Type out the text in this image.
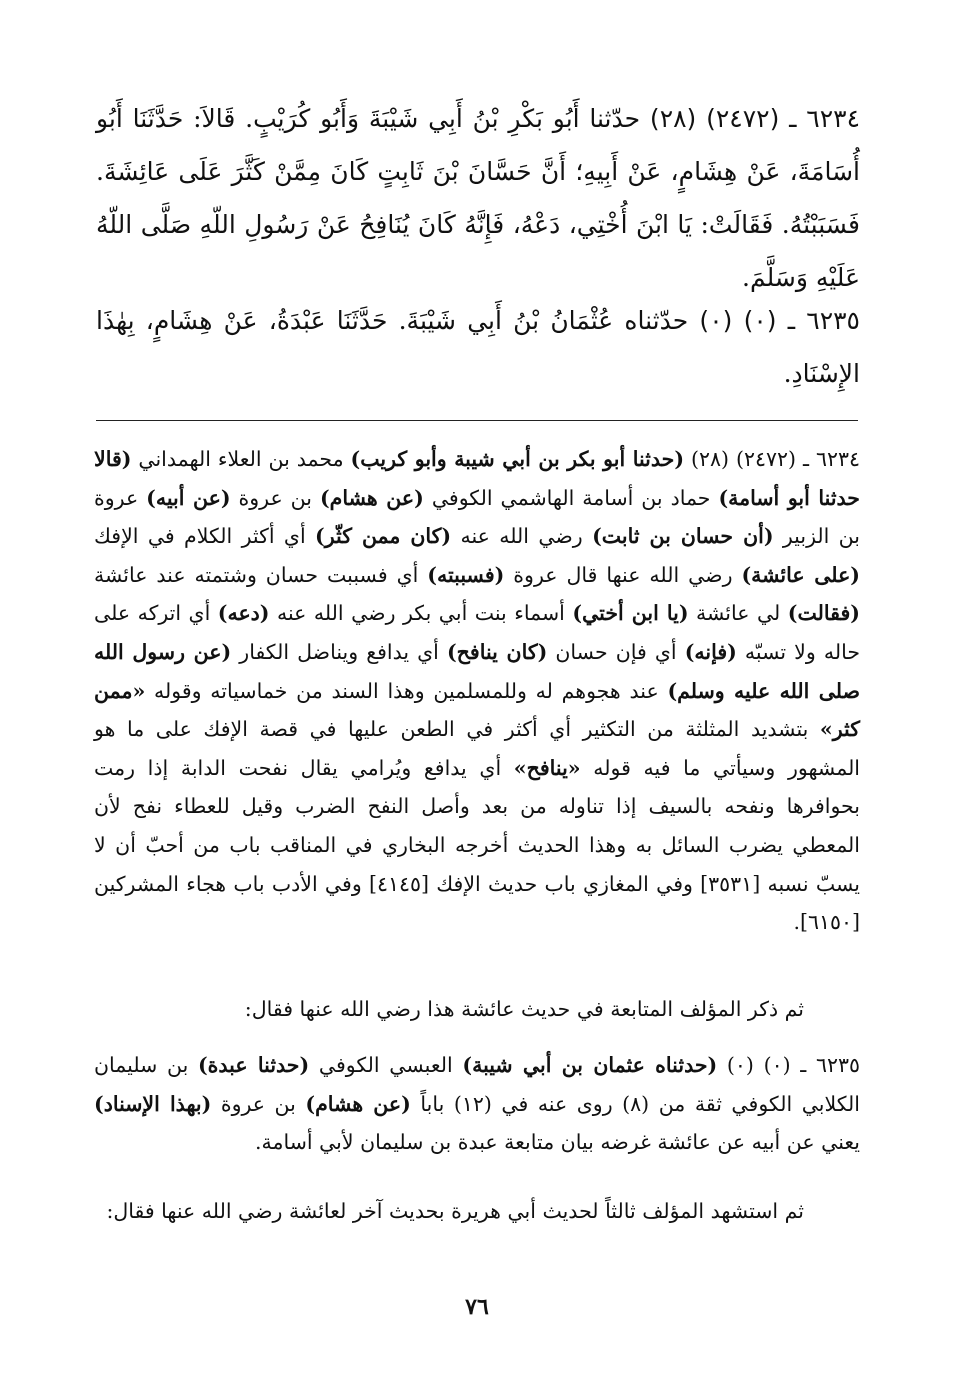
٦٢٣٤ ـ (٢٤٧٢) (٢٨) حدّثنا أَبُو بَكْرِ بْنُ أَبِي شَيْبَةَ وَأَبُو كُرَيْبٍ. قَالاَ: حَدَّثَنَا أَبُو أُسَامَةَ، عَنْ هِشَامٍ، عَنْ أَبِيهِ؛ أَنَّ حَسَّانَ بْنَ ثَابِتٍ كَانَ مِمَّنْ كَثَّرَ عَلَى عَائِشَةَ. فَسَبَبْتُهُ. فَقَالَتْ: يَا ابْنَ أُخْتِي، دَعْهُ، فَإِنَّهُ كَانَ يُنَافِحُ عَنْ رَسُولِ اللّهِ صَلَّى اللّهُ عَلَيْهِ وَسَلَّمَ.
٦٢٣٥ ـ (٠) (٠) حدّثناه عُثْمَانُ بْنُ أَبِي شَيْبَةَ. حَدَّثَنَا عَبْدَةُ، عَنْ هِشَامٍ، بِهٰذَا الإِسْنَادِ.
٦٢٣٤ ـ (٢٤٧٢) (٢٨) (حدثنا أبو بكر بن أبي شيبة وأبو كريب) محمد بن العلاء الهمداني (قالا حدثنا أبو أسامة) حماد بن أسامة الهاشمي الكوفي (عن هشام) بن عروة (عن أبيه) عروة بن الزبير (أن حسان بن ثابت) رضي الله عنه (كان ممن كثّر) أي أكثر الكلام في الإفك (على عائشة) رضي الله عنها قال عروة (فسببته) أي فسببت حسان وشتمته عند عائشة (فقالت) لي عائشة (يا ابن أختي) أسماء بنت أبي بكر رضي الله عنه (دعه) أي اتركه على حاله ولا تسبّه (فإنه) أي فإن حسان (كان ينافح) أي يدافع ويناضل الكفار (عن رسول الله صلى الله عليه وسلم) عند هجوهم له وللمسلمين وهذا السند من خماسياته وقوله «ممن كثر» بتشديد المثلثة من التكثير أي أكثر في الطعن عليها في قصة الإفك على ما هو المشهور وسيأتي ما فيه قوله «ينافح» أي يدافع ويُرامي يقال نفحت الدابة إذا رمت بحوافرها ونفحه بالسيف إذا تناوله من بعد وأصل النفح الضرب وقيل للعطاء نفح لأن المعطي يضرب السائل به وهذا الحديث أخرجه البخاري في المناقب باب من أحبّ أن لا يسبّ نسبه [٣٥٣١] وفي المغازي باب حديث الإفك [٤١٤٥] وفي الأدب باب هجاء المشركين [٦١٥٠].
ثم ذكر المؤلف المتابعة في حديث عائشة هذا رضي الله عنها فقال:
٦٢٣٥ ـ (٠) (٠) (حدثناه عثمان بن أبي شيبة) العبسي الكوفي (حدثنا عبدة) بن سليمان الكلابي الكوفي ثقة من (٨) روى عنه في (١٢) باباً (عن هشام) بن عروة (بهذا الإسناد) يعني عن أبيه عن عائشة غرضه بيان متابعة عبدة بن سليمان لأبي أسامة.
ثم استشهد المؤلف ثالثاً لحديث أبي هريرة بحديث آخر لعائشة رضي الله عنها فقال:
٧٦
